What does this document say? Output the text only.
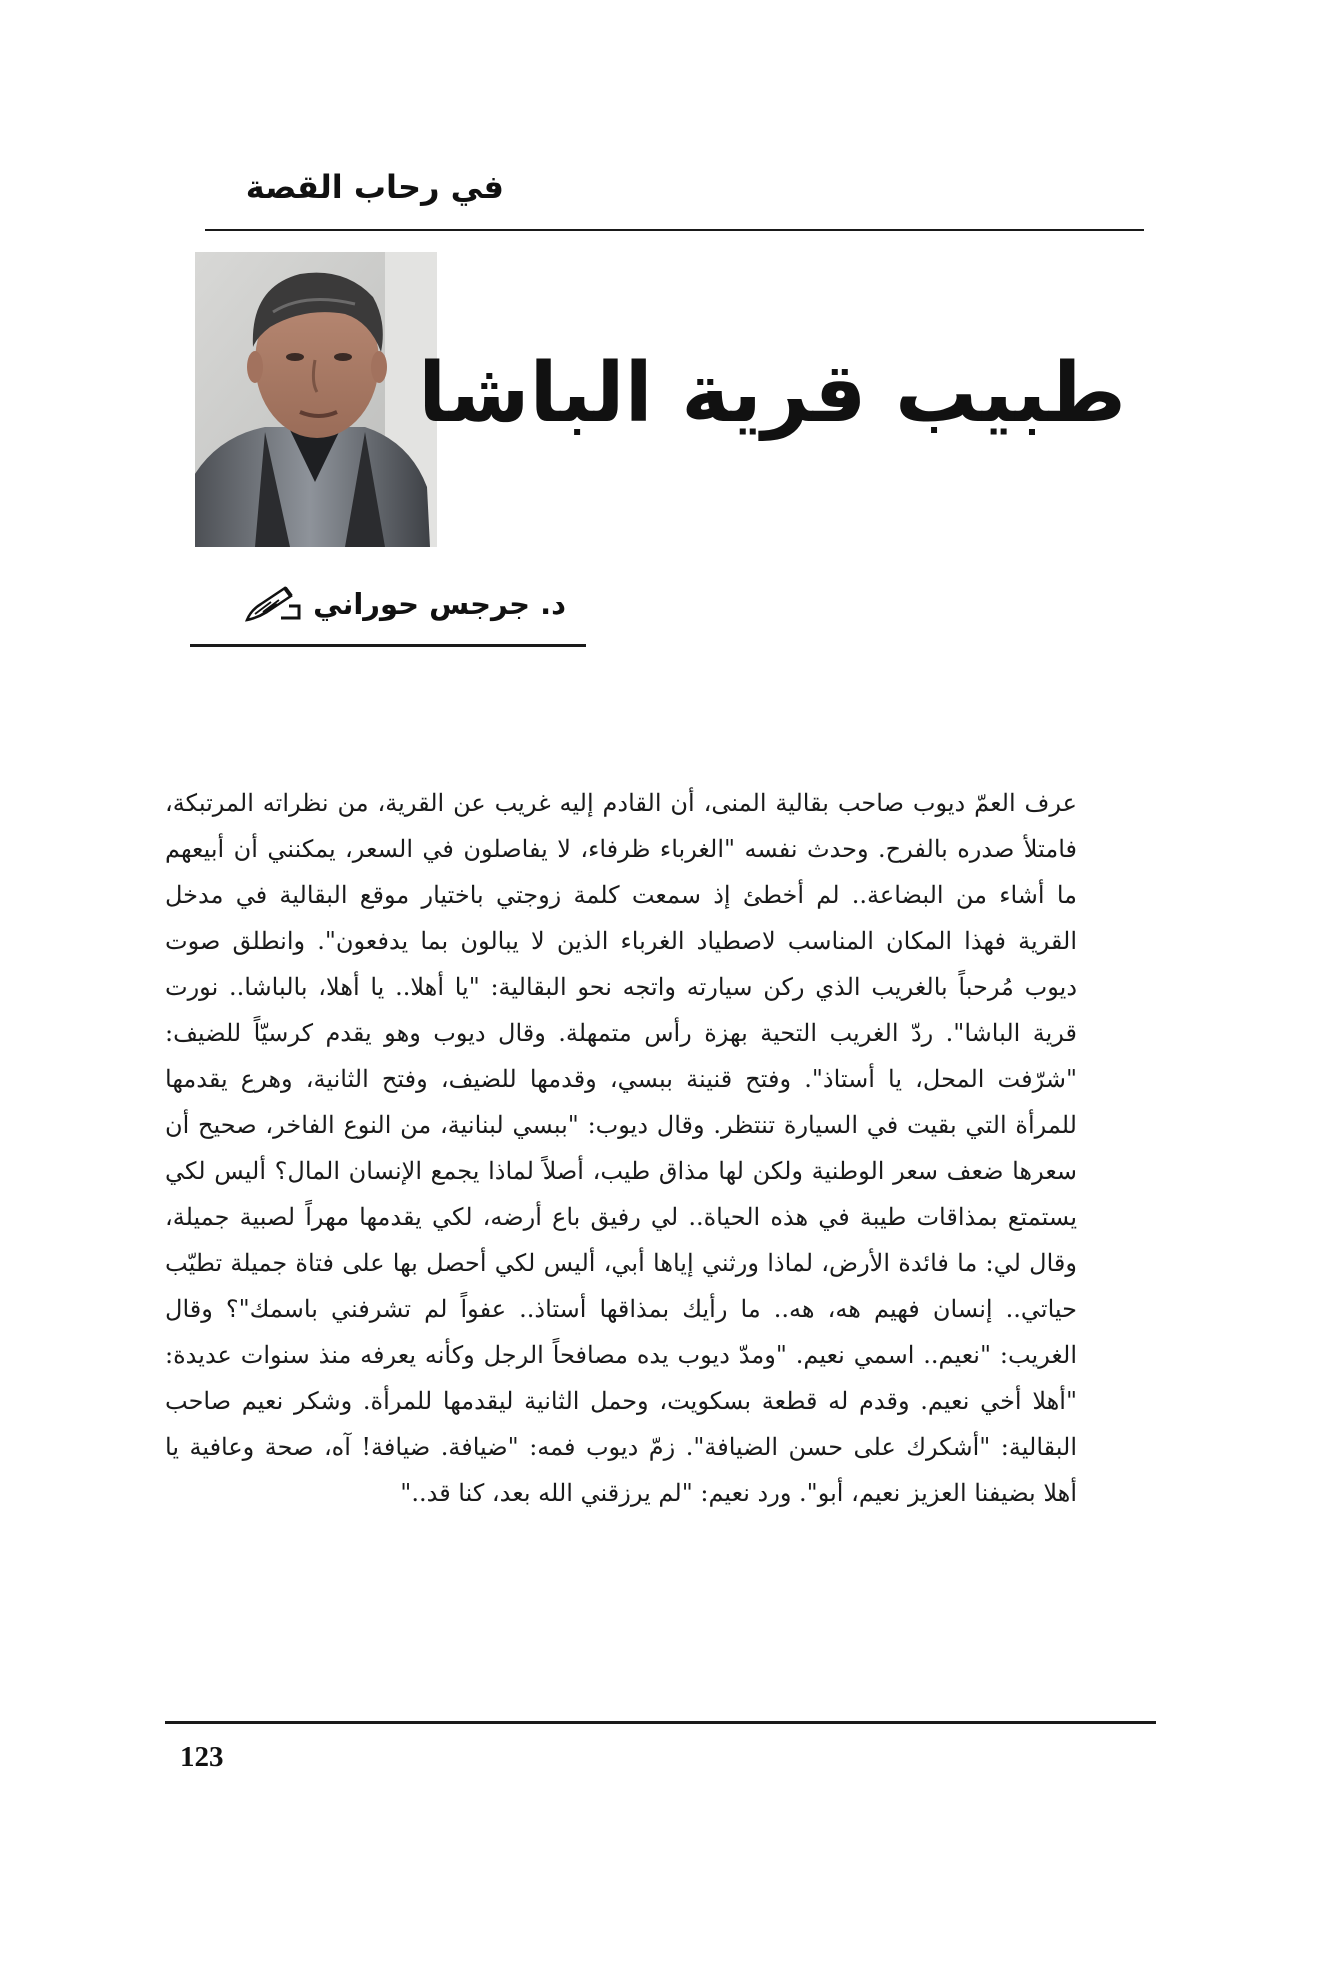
في رحاب القصة
طبيب قرية الباشا
د. جرجس حوراني

عرف العمّ ديوب صاحب بقالية المنى، أن القادم إليه غريب عن القرية، من نظراته المرتبكة، فامتلأ صدره بالفرح. وحدث نفسه "الغرباء ظرفاء، لا يفاصلون في السعر، يمكنني أن أبيعهم ما أشاء من البضاعة.. لم أخطئ إذ سمعت كلمة زوجتي باختيار موقع البقالية في مدخل القرية فهذا المكان المناسب لاصطياد الغرباء الذين لا يبالون بما يدفعون". وانطلق صوت ديوب مُرحباً بالغريب الذي ركن سيارته واتجه نحو البقالية: "يا أهلا.. يا أهلا، بالباشا.. نورت قرية الباشا". ردّ الغريب التحية بهزة رأس متمهلة. وقال ديوب وهو يقدم كرسيّاً للضيف: "شرّفت المحل، يا أستاذ". وفتح قنينة ببسي، وقدمها للضيف، وفتح الثانية، وهرع يقدمها للمرأة التي بقيت في السيارة تنتظر. وقال ديوب: "ببسي لبنانية، من النوع الفاخر، صحيح أن سعرها ضعف سعر الوطنية ولكن لها مذاق طيب، أصلاً لماذا يجمع الإنسان المال؟ أليس لكي يستمتع بمذاقات طيبة في هذه الحياة.. لي رفيق باع أرضه، لكي يقدمها مهراً لصبية جميلة، وقال لي: ما فائدة الأرض، لماذا ورثني إياها أبي، أليس لكي أحصل بها على فتاة جميلة تطيّب حياتي.. إنسان فهيم هه، هه.. ما رأيك بمذاقها أستاذ.. عفواً لم تشرفني باسمك"؟ وقال الغريب: "نعيم.. اسمي نعيم. "ومدّ ديوب يده مصافحاً الرجل وكأنه يعرفه منذ سنوات عديدة: "أهلا أخي نعيم. وقدم له قطعة بسكويت، وحمل الثانية ليقدمها للمرأة. وشكر نعيم صاحب البقالية: "أشكرك على حسن الضيافة". زمّ ديوب فمه: "ضيافة. ضيافة! آه، صحة وعافية يا أهلا بضيفنا العزيز نعيم، أبو". ورد نعيم: "لم يرزقني الله بعد، كنا قد.."

123
